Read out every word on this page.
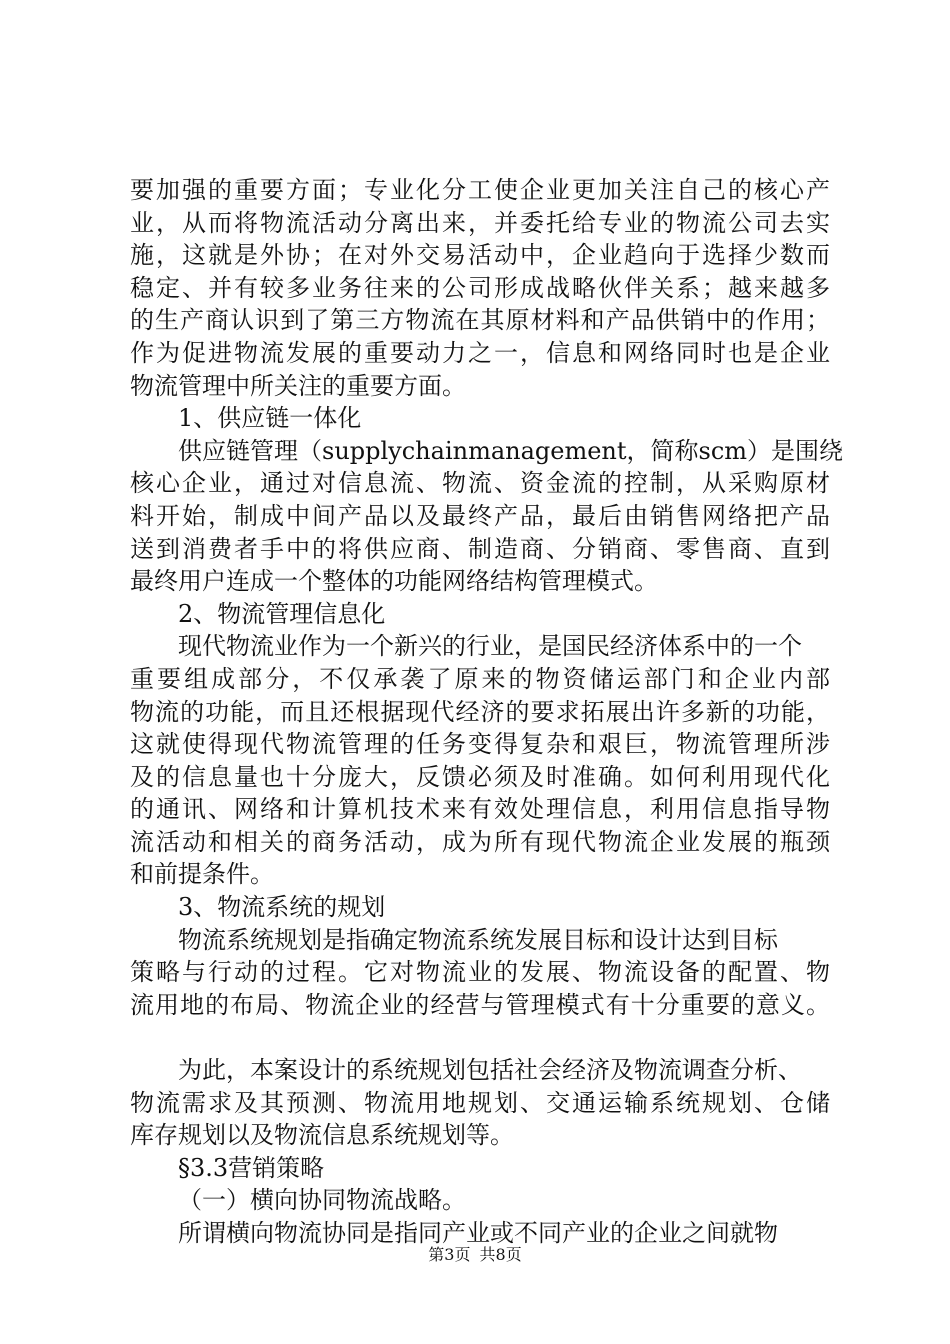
要加强的重要方面；专业化分工使企业更加关注自己的核心产
业，从而将物流活动分离出来，并委托给专业的物流公司去实
施，这就是外协；在对外交易活动中，企业趋向于选择少数而
稳定、并有较多业务往来的公司形成战略伙伴关系；越来越多
的生产商认识到了第三方物流在其原材料和产品供销中的作用；
作为促进物流发展的重要动力之一，信息和网络同时也是企业
物流管理中所关注的重要方面。
1、供应链一体化
供应链管理（supplychainmanagement，简称scm）是围绕
核心企业，通过对信息流、物流、资金流的控制，从采购原材
料开始，制成中间产品以及最终产品，最后由销售网络把产品
送到消费者手中的将供应商、制造商、分销商、零售商、直到
最终用户连成一个整体的功能网络结构管理模式。
2、物流管理信息化
现代物流业作为一个新兴的行业，是国民经济体系中的一个
重要组成部分，不仅承袭了原来的物资储运部门和企业内部
物流的功能，而且还根据现代经济的要求拓展出许多新的功能，
这就使得现代物流管理的任务变得复杂和艰巨，物流管理所涉
及的信息量也十分庞大，反馈必须及时准确。如何利用现代化
的通讯、网络和计算机技术来有效处理信息，利用信息指导物
流活动和相关的商务活动，成为所有现代物流企业发展的瓶颈
和前提条件。
3、物流系统的规划
物流系统规划是指确定物流系统发展目标和设计达到目标
策略与行动的过程。它对物流业的发展、物流设备的配置、物
流用地的布局、物流企业的经营与管理模式有十分重要的意义。
为此，本案设计的系统规划包括社会经济及物流调查分析、
物流需求及其预测、物流用地规划、交通运输系统规划、仓储
库存规划以及物流信息系统规划等。
§3.3营销策略
（一）横向协同物流战略。
所谓横向物流协同是指同产业或不同产业的企业之间就物
第3页 共8页
